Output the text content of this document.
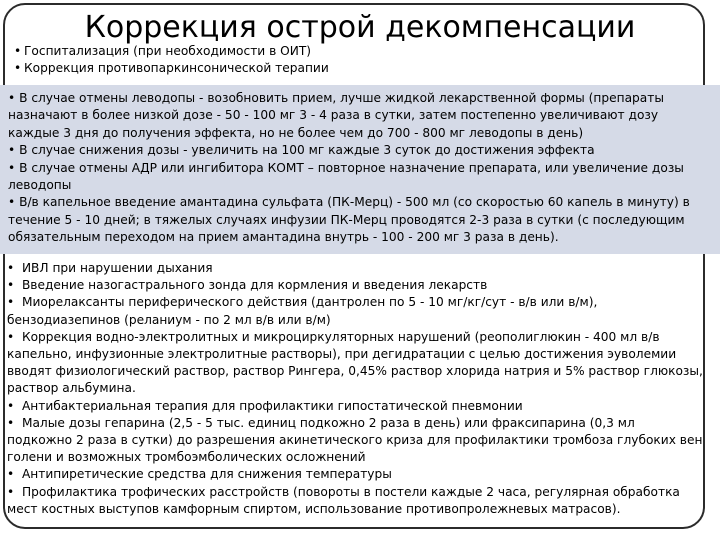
Коррекция острой декомпенсации
• Госпитализация (при необходимости в ОИТ)
• Коррекция противопаркинсонической терапии

• В случае отмены леводопы - возобновить прием, лучше жидкой лекарственной формы (препараты назначают в более низкой дозе - 50 - 100 мг 3 - 4 раза в сутки, затем постепенно увеличивают дозу каждые 3 дня до получения эффекта, но не более чем до 700 - 800 мг леводопы в день)

• В случае снижения дозы - увеличить на 100 мг каждые 3 суток до достижения эффекта

• В случае отмены АДР или ингибитора КОМТ – повторное назначение препарата, или увеличение дозы леводопы

• В/в капельное введение амантадина сульфата (ПК-Мерц) - 500 мл (со скоростью 60 капель в минуту) в течение 5 - 10 дней; в тяжелых случаях инфузии ПК-Мерц проводятся 2-3 раза в сутки (с последующим обязательным переходом на прием амантадина внутрь - 100 - 200 мг 3 раза в день).

•  ИВЛ при нарушении дыхания
•  Введение назогастрального зонда для кормления и введения лекарств
•  Миорелаксанты периферического действия (дантролен по 5 - 10 мг/кг/сут - в/в или в/м), бензодиазепинов (реланиум - по 2 мл в/в или в/м)
•  Коррекция водно-электролитных и микроциркуляторных нарушений (реополиглюкин - 400 мл в/в капельно, инфузионные электролитные растворы), при дегидратации с целью достижения эуволемии вводят физиологический раствор, раствор Рингера, 0,45% раствор хлорида натрия и 5% раствор глюкозы, раствор альбумина.
•  Антибактериальная терапия для профилактики гипостатической пневмонии
•  Малые дозы гепарина (2,5 - 5 тыс. единиц подкожно 2 раза в день) или фраксипарина (0,3 мл подкожно 2 раза в сутки) до разрешения акинетического криза для профилактики тромбоза глубоких вен голени и возможных тромбоэмболических осложнений
•  Антипиретические средства для снижения температуры
•  Профилактика трофических расстройств (повороты в постели каждые 2 часа, регулярная обработка мест костных выступов камфорным спиртом, использование противопролежневых матрасов).
